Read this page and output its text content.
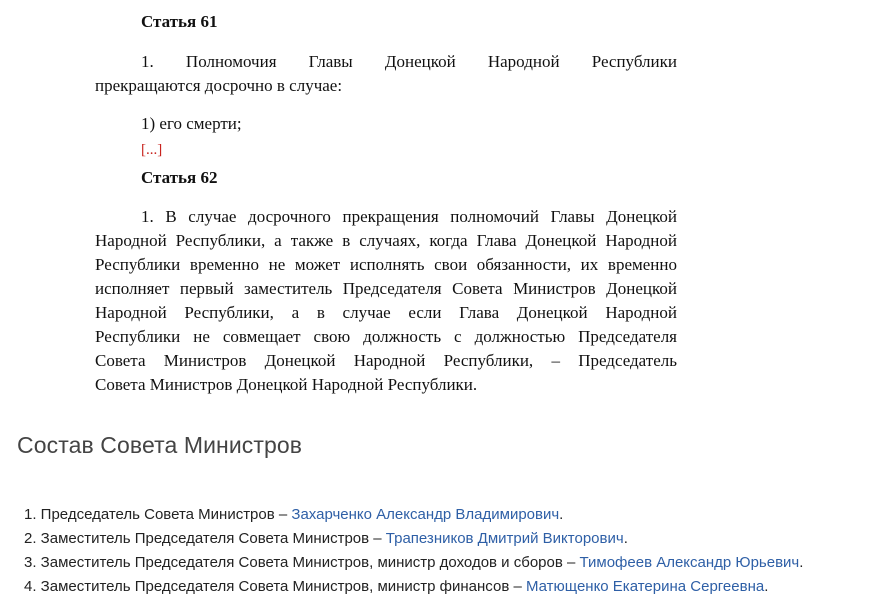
Статья 61
1. Полномочия Главы Донецкой Народной Республики
прекращаются досрочно в случае:
1) его смерти;
[...]
Статья 62
1. В случае досрочного прекращения полномочий Главы Донецкой
Народной Республики, а также в случаях, когда Глава Донецкой Народной
Республики временно не может исполнять свои обязанности, их временно
исполняет первый заместитель Председателя Совета Министров Донецкой
Народной Республики, а в случае если Глава Донецкой Народной
Республики не совмещает свою должность с должностью Председателя
Совета Министров Донецкой Народной Республики, – Председатель
Совета Министров Донецкой Народной Республики.
Состав Совета Министров
1. Председатель Совета Министров – Захарченко Александр Владимирович.
2. Заместитель Председателя Совета Министров – Трапезников Дмитрий Викторович.
3. Заместитель Председателя Совета Министров, министр доходов и сборов – Тимофеев Александр Юрьевич.
4. Заместитель Председателя Совета Министров, министр финансов – Матющенко Екатерина Сергеевна.
